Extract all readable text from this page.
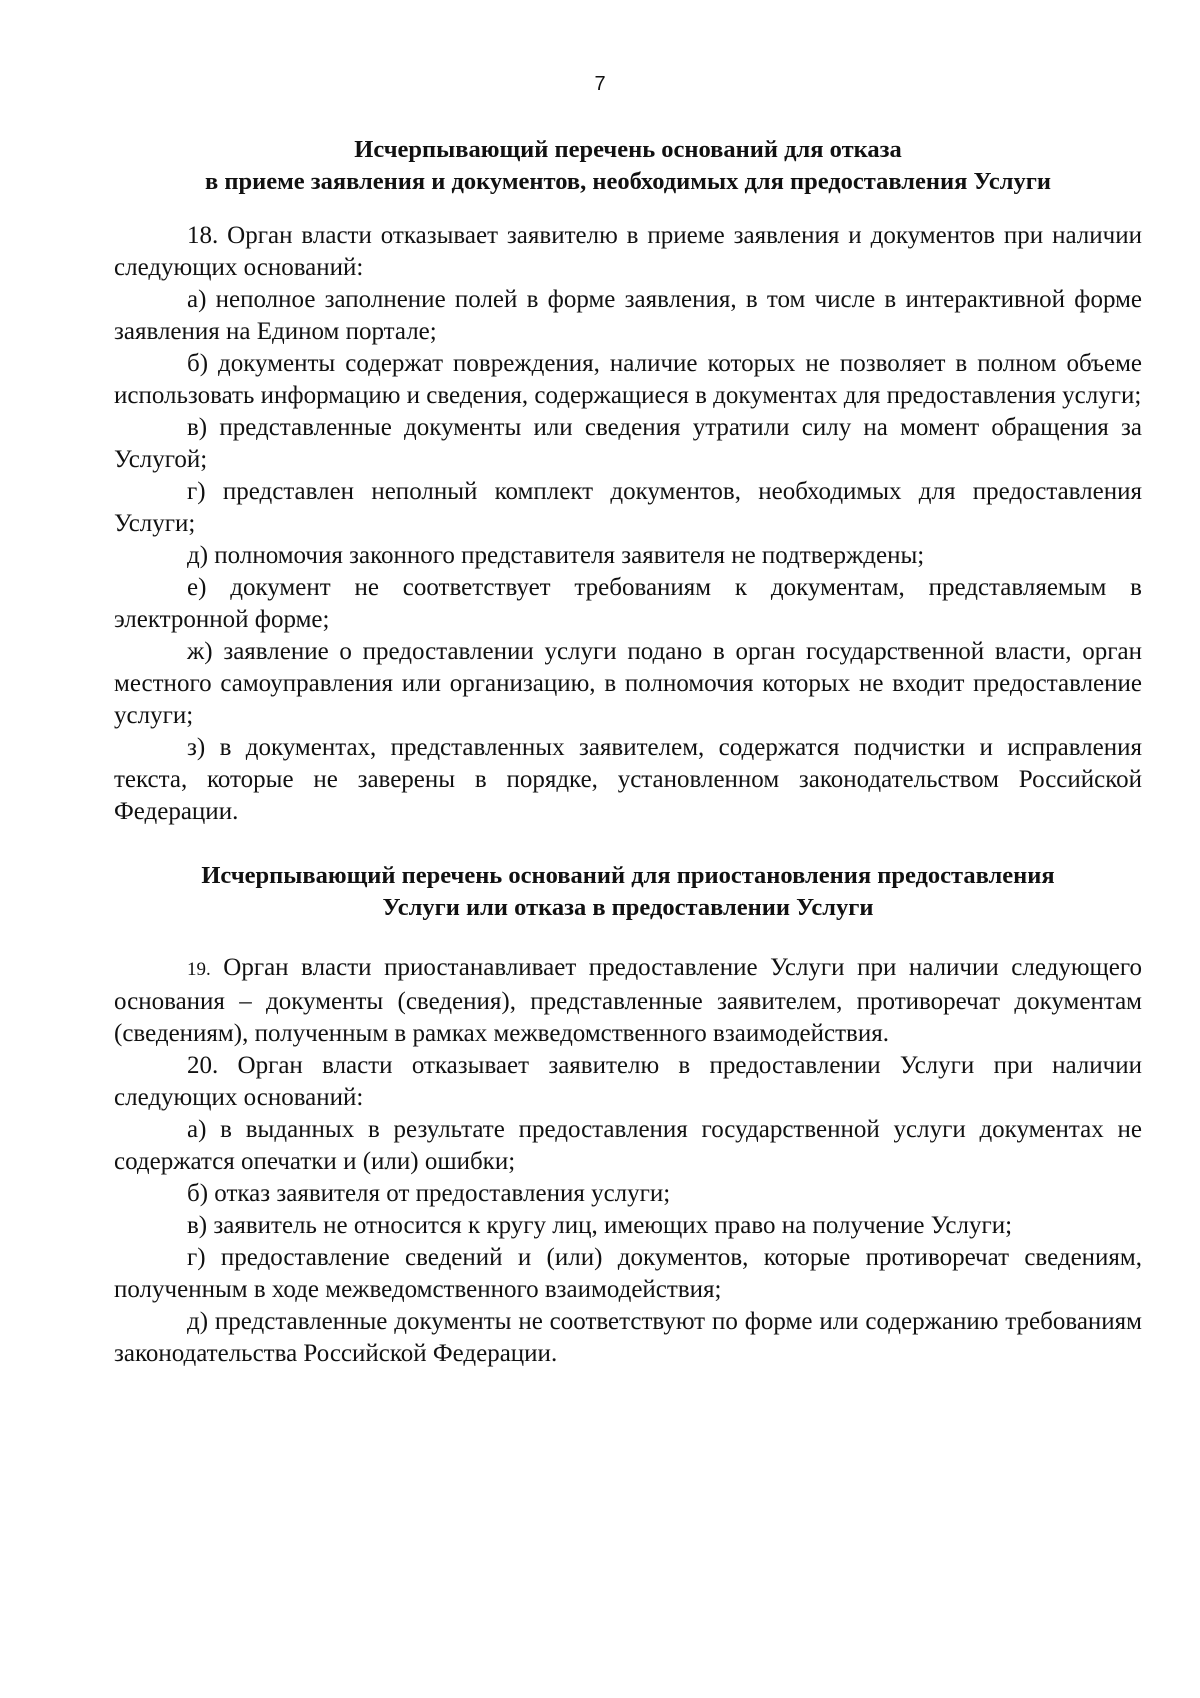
7
Исчерпывающий перечень оснований для отказа
в приеме заявления и документов, необходимых для предоставления Услуги
18. Орган власти отказывает заявителю в приеме заявления и документов при наличии следующих оснований:
а) неполное заполнение полей в форме заявления, в том числе в интерактивной форме заявления на Едином портале;
б) документы содержат повреждения, наличие которых не позволяет в полном объеме использовать информацию и сведения, содержащиеся в документах для предоставления услуги;
в) представленные документы или сведения утратили силу на момент обращения за Услугой;
г) представлен неполный комплект документов, необходимых для предоставления Услуги;
д) полномочия законного представителя заявителя не подтверждены;
е) документ не соответствует требованиям к документам, представляемым в электронной форме;
ж) заявление о предоставлении услуги подано в орган государственной власти, орган местного самоуправления или организацию, в полномочия которых не входит предоставление услуги;
з) в документах, представленных заявителем, содержатся подчистки и исправления текста, которые не заверены в порядке, установленном законодательством Российской Федерации.
Исчерпывающий перечень оснований для приостановления предоставления
Услуги или отказа в предоставлении Услуги
19. Орган власти приостанавливает предоставление Услуги при наличии следующего основания – документы (сведения), представленные заявителем, противоречат документам (сведениям), полученным в рамках межведомственного взаимодействия.
20. Орган власти отказывает заявителю в предоставлении Услуги при наличии следующих оснований:
а) в выданных в результате предоставления государственной услуги документах не содержатся опечатки и (или) ошибки;
б) отказ заявителя от предоставления услуги;
в) заявитель не относится к кругу лиц, имеющих право на получение Услуги;
г) предоставление сведений и (или) документов, которые противоречат сведениям, полученным в ходе межведомственного взаимодействия;
д) представленные документы не соответствуют по форме или содержанию требованиям законодательства Российской Федерации.
